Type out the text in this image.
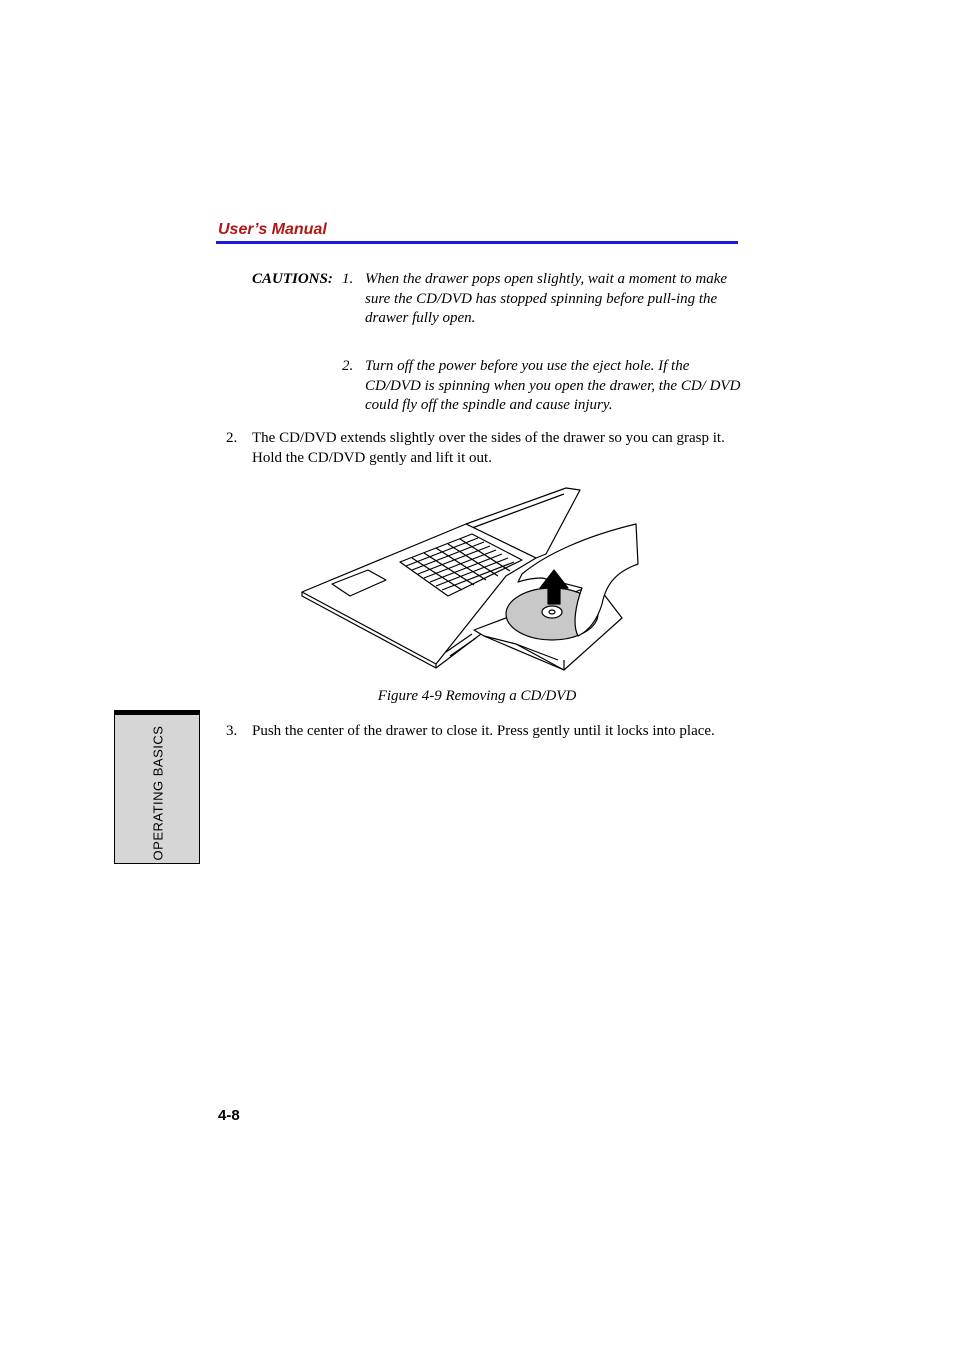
User’s Manual
CAUTIONS: 1. When the drawer pops open slightly, wait a moment to make sure the CD/DVD has stopped spinning before pull-ing the drawer fully open.
2. Turn off the power before you use the eject hole. If the CD/DVD is spinning when you open the drawer, the CD/ DVD could fly off the spindle and cause injury.
2. The CD/DVD extends slightly over the sides of the drawer so you can grasp it. Hold the CD/DVD gently and lift it out.
Figure 4-9 Removing a CD/DVD
3. Push the center of the drawer to close it. Press gently until it locks into place.
OPERATING BASICS
4-8
